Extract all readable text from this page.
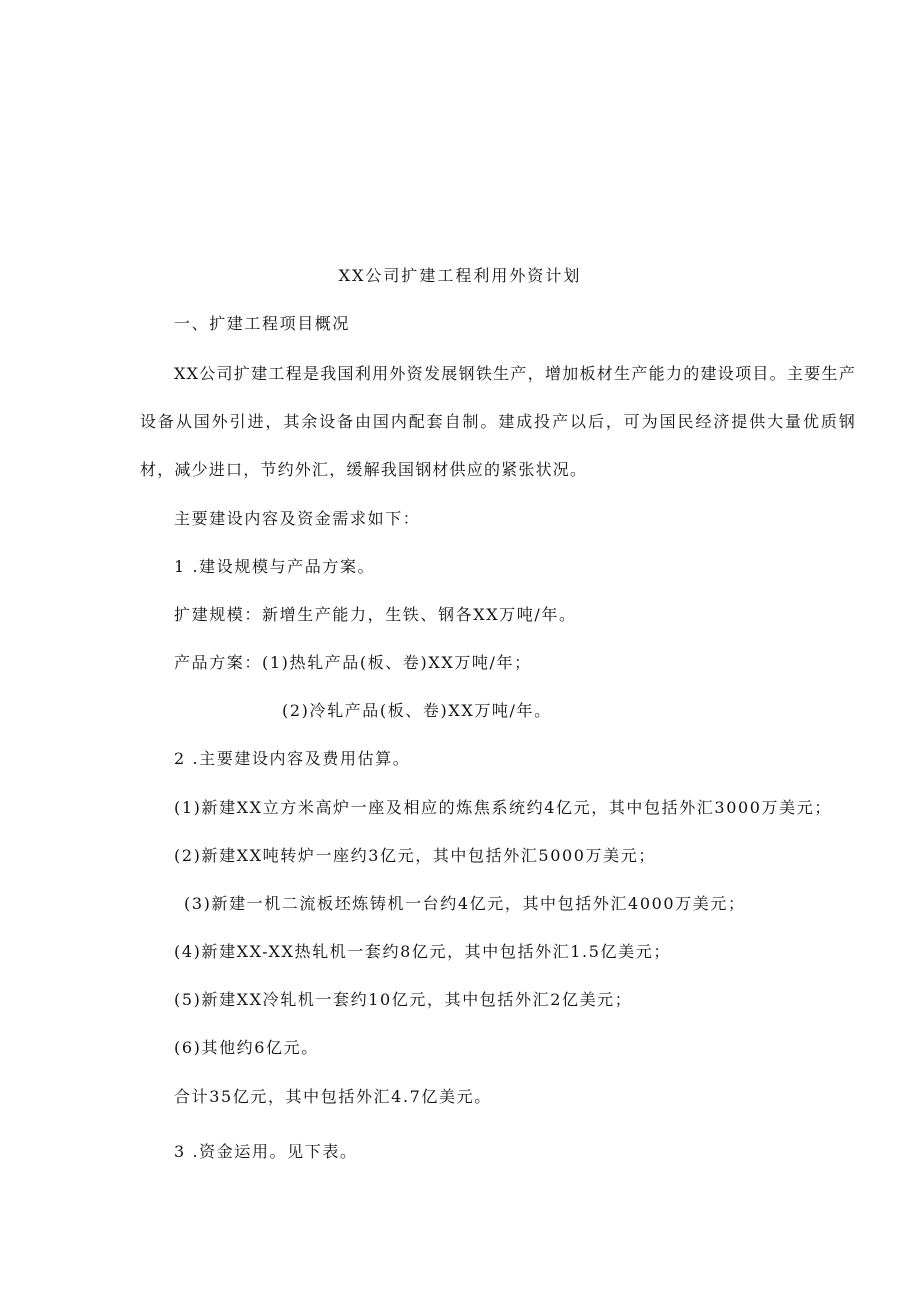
XX公司扩建工程利用外资计划
一、扩建工程项目概况
XX公司扩建工程是我国利用外资发展钢铁生产，增加板材生产能力的建设项目。主要生产设备从国外引进，其余设备由国内配套自制。建成投产以后，可为国民经济提供大量优质钢材，减少进口，节约外汇，缓解我国钢材供应的紧张状况。
主要建设内容及资金需求如下：
1 .建设规模与产品方案。
扩建规模：新增生产能力，生铁、钢各XX万吨/年。
产品方案：(1)热轧产品(板、卷)XX万吨/年；
(2)冷轧产品(板、卷)XX万吨/年。
2 .主要建设内容及费用估算。
(1)新建XX立方米高炉一座及相应的炼焦系统约4亿元，其中包括外汇3000万美元；
(2)新建XX吨转炉一座约3亿元，其中包括外汇5000万美元；
(3)新建一机二流板坯炼铸机一台约4亿元，其中包括外汇4000万美元；
(4)新建XX-XX热轧机一套约8亿元，其中包括外汇1.5亿美元；
(5)新建XX冷轧机一套约10亿元，其中包括外汇2亿美元；
(6)其他约6亿元。
合计35亿元，其中包括外汇4.7亿美元。
3 .资金运用。见下表。
